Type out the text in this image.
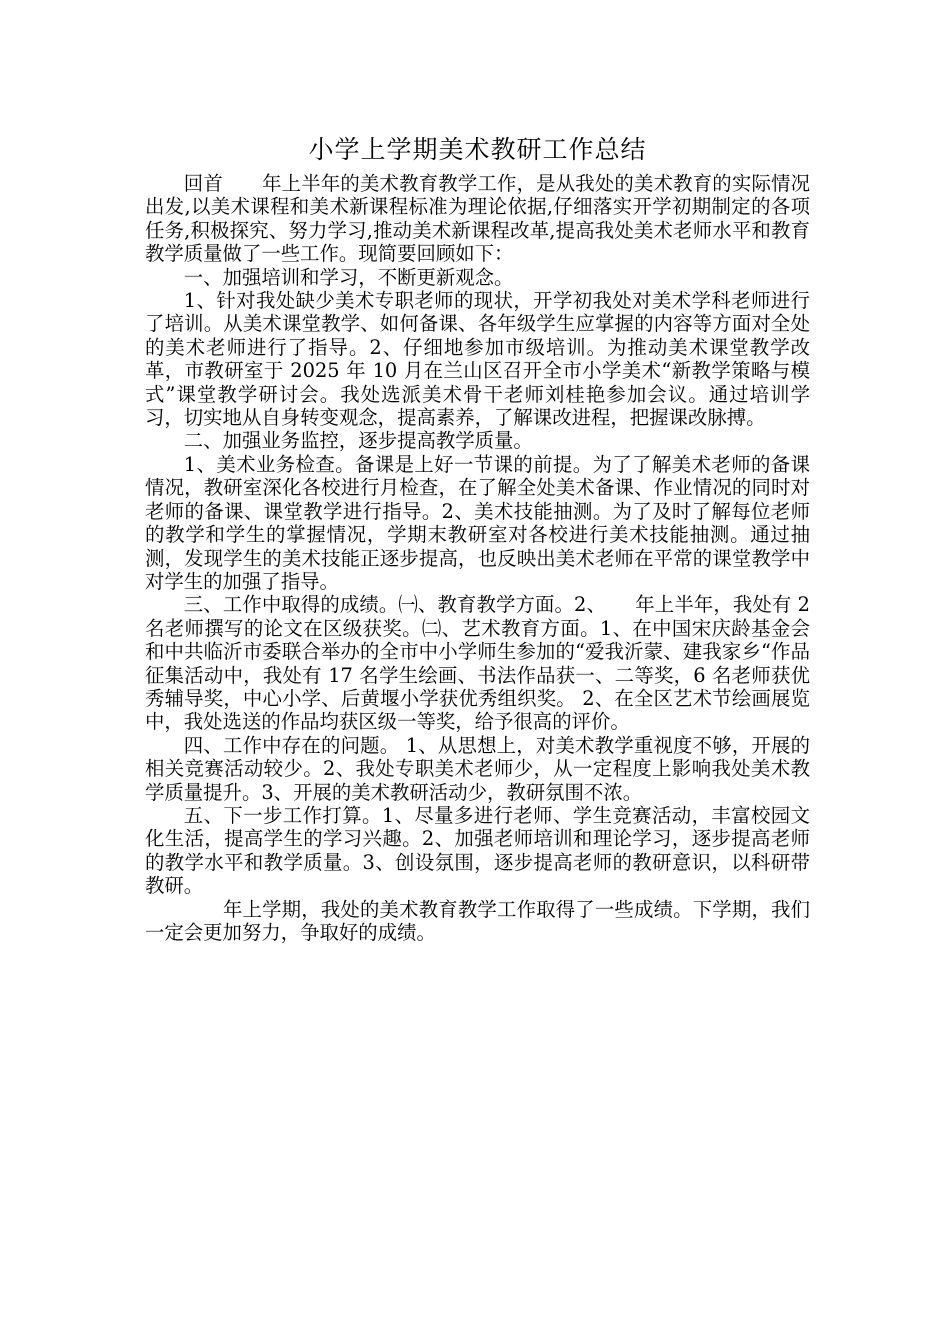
小学上学期美术教研工作总结

回首　　年上半年的美术教育教学工作，是从我处的美术教育的实际情况出发,以美术课程和美术新课程标准为理论依据,仔细落实开学初期制定的各项任务,积极探究、努力学习,推动美术新课程改革,提高我处美术老师水平和教育教学质量做了一些工作。现简要回顾如下：

一、加强培训和学习，不断更新观念。

1、针对我处缺少美术专职老师的现状，开学初我处对美术学科老师进行了培训。从美术课堂教学、如何备课、各年级学生应掌握的内容等方面对全处的美术老师进行了指导。2、仔细地参加市级培训。为推动美术课堂教学改革，市教研室于 2025 年 10 月在兰山区召开全市小学美术“新教学策略与模式”课堂教学研讨会。我处选派美术骨干老师刘桂艳参加会议。通过培训学习，切实地从自身转变观念，提高素养，了解课改进程，把握课改脉搏。

二、加强业务监控，逐步提高教学质量。

1、美术业务检查。备课是上好一节课的前提。为了了解美术老师的备课情况，教研室深化各校进行月检查，在了解全处美术备课、作业情况的同时对老师的备课、课堂教学进行指导。2、美术技能抽测。为了及时了解每位老师的教学和学生的掌握情况，学期末教研室对各校进行美术技能抽测。通过抽测，发现学生的美术技能正逐步提高，也反映出美术老师在平常的课堂教学中对学生的加强了指导。

三、工作中取得的成绩。㈠、教育教学方面。2、　　年上半年，我处有 2 名老师撰写的论文在区级获奖。㈡、艺术教育方面。1、在中国宋庆龄基金会和中共临沂市委联合举办的全市中小学师生参加的“爱我沂蒙、建我家乡“作品征集活动中，我处有 17 名学生绘画、书法作品获一、二等奖，6 名老师获优秀辅导奖，中心小学、后黄堰小学获优秀组织奖。 2、在全区艺术节绘画展览中，我处选送的作品均获区级一等奖，给予很高的评价。

四、工作中存在的问题。 1、从思想上，对美术教学重视度不够，开展的相关竞赛活动较少。2、我处专职美术老师少，从一定程度上影响我处美术教学质量提升。3、开展的美术教研活动少，教研氛围不浓。

五、下一步工作打算。1、尽量多进行老师、学生竞赛活动，丰富校园文化生活，提高学生的学习兴趣。2、加强老师培训和理论学习，逐步提高老师的教学水平和教学质量。3、创设氛围，逐步提高老师的教研意识，以科研带教研。

　　年上学期，我处的美术教育教学工作取得了一些成绩。下学期，我们一定会更加努力，争取好的成绩。
